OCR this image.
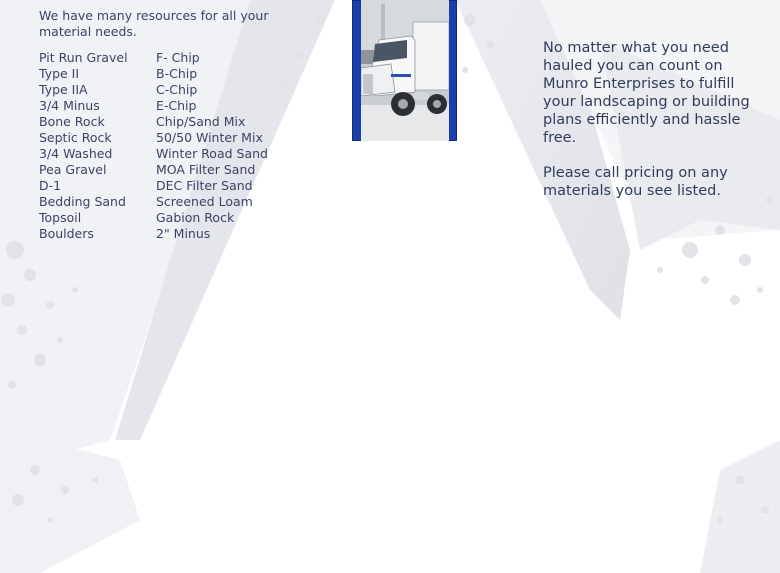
We have many resources for all your material needs.
Pit Run Gravel
Type II
Type IIA
3/4 Minus
Bone Rock
Septic Rock
3/4 Washed
Pea Gravel
D-1
Bedding Sand
Topsoil
Boulders
F- Chip
B-Chip
C-Chip
E-Chip
Chip/Sand Mix
50/50 Winter Mix
Winter Road Sand
MOA Filter Sand
DEC Filter Sand
Screened Loam
Gabion Rock
2" Minus

No matter what you need hauled you can count on Munro Enterprises to fulfill your landscaping or building plans efficiently and hassle free.

Please call pricing on any materials you see listed.
